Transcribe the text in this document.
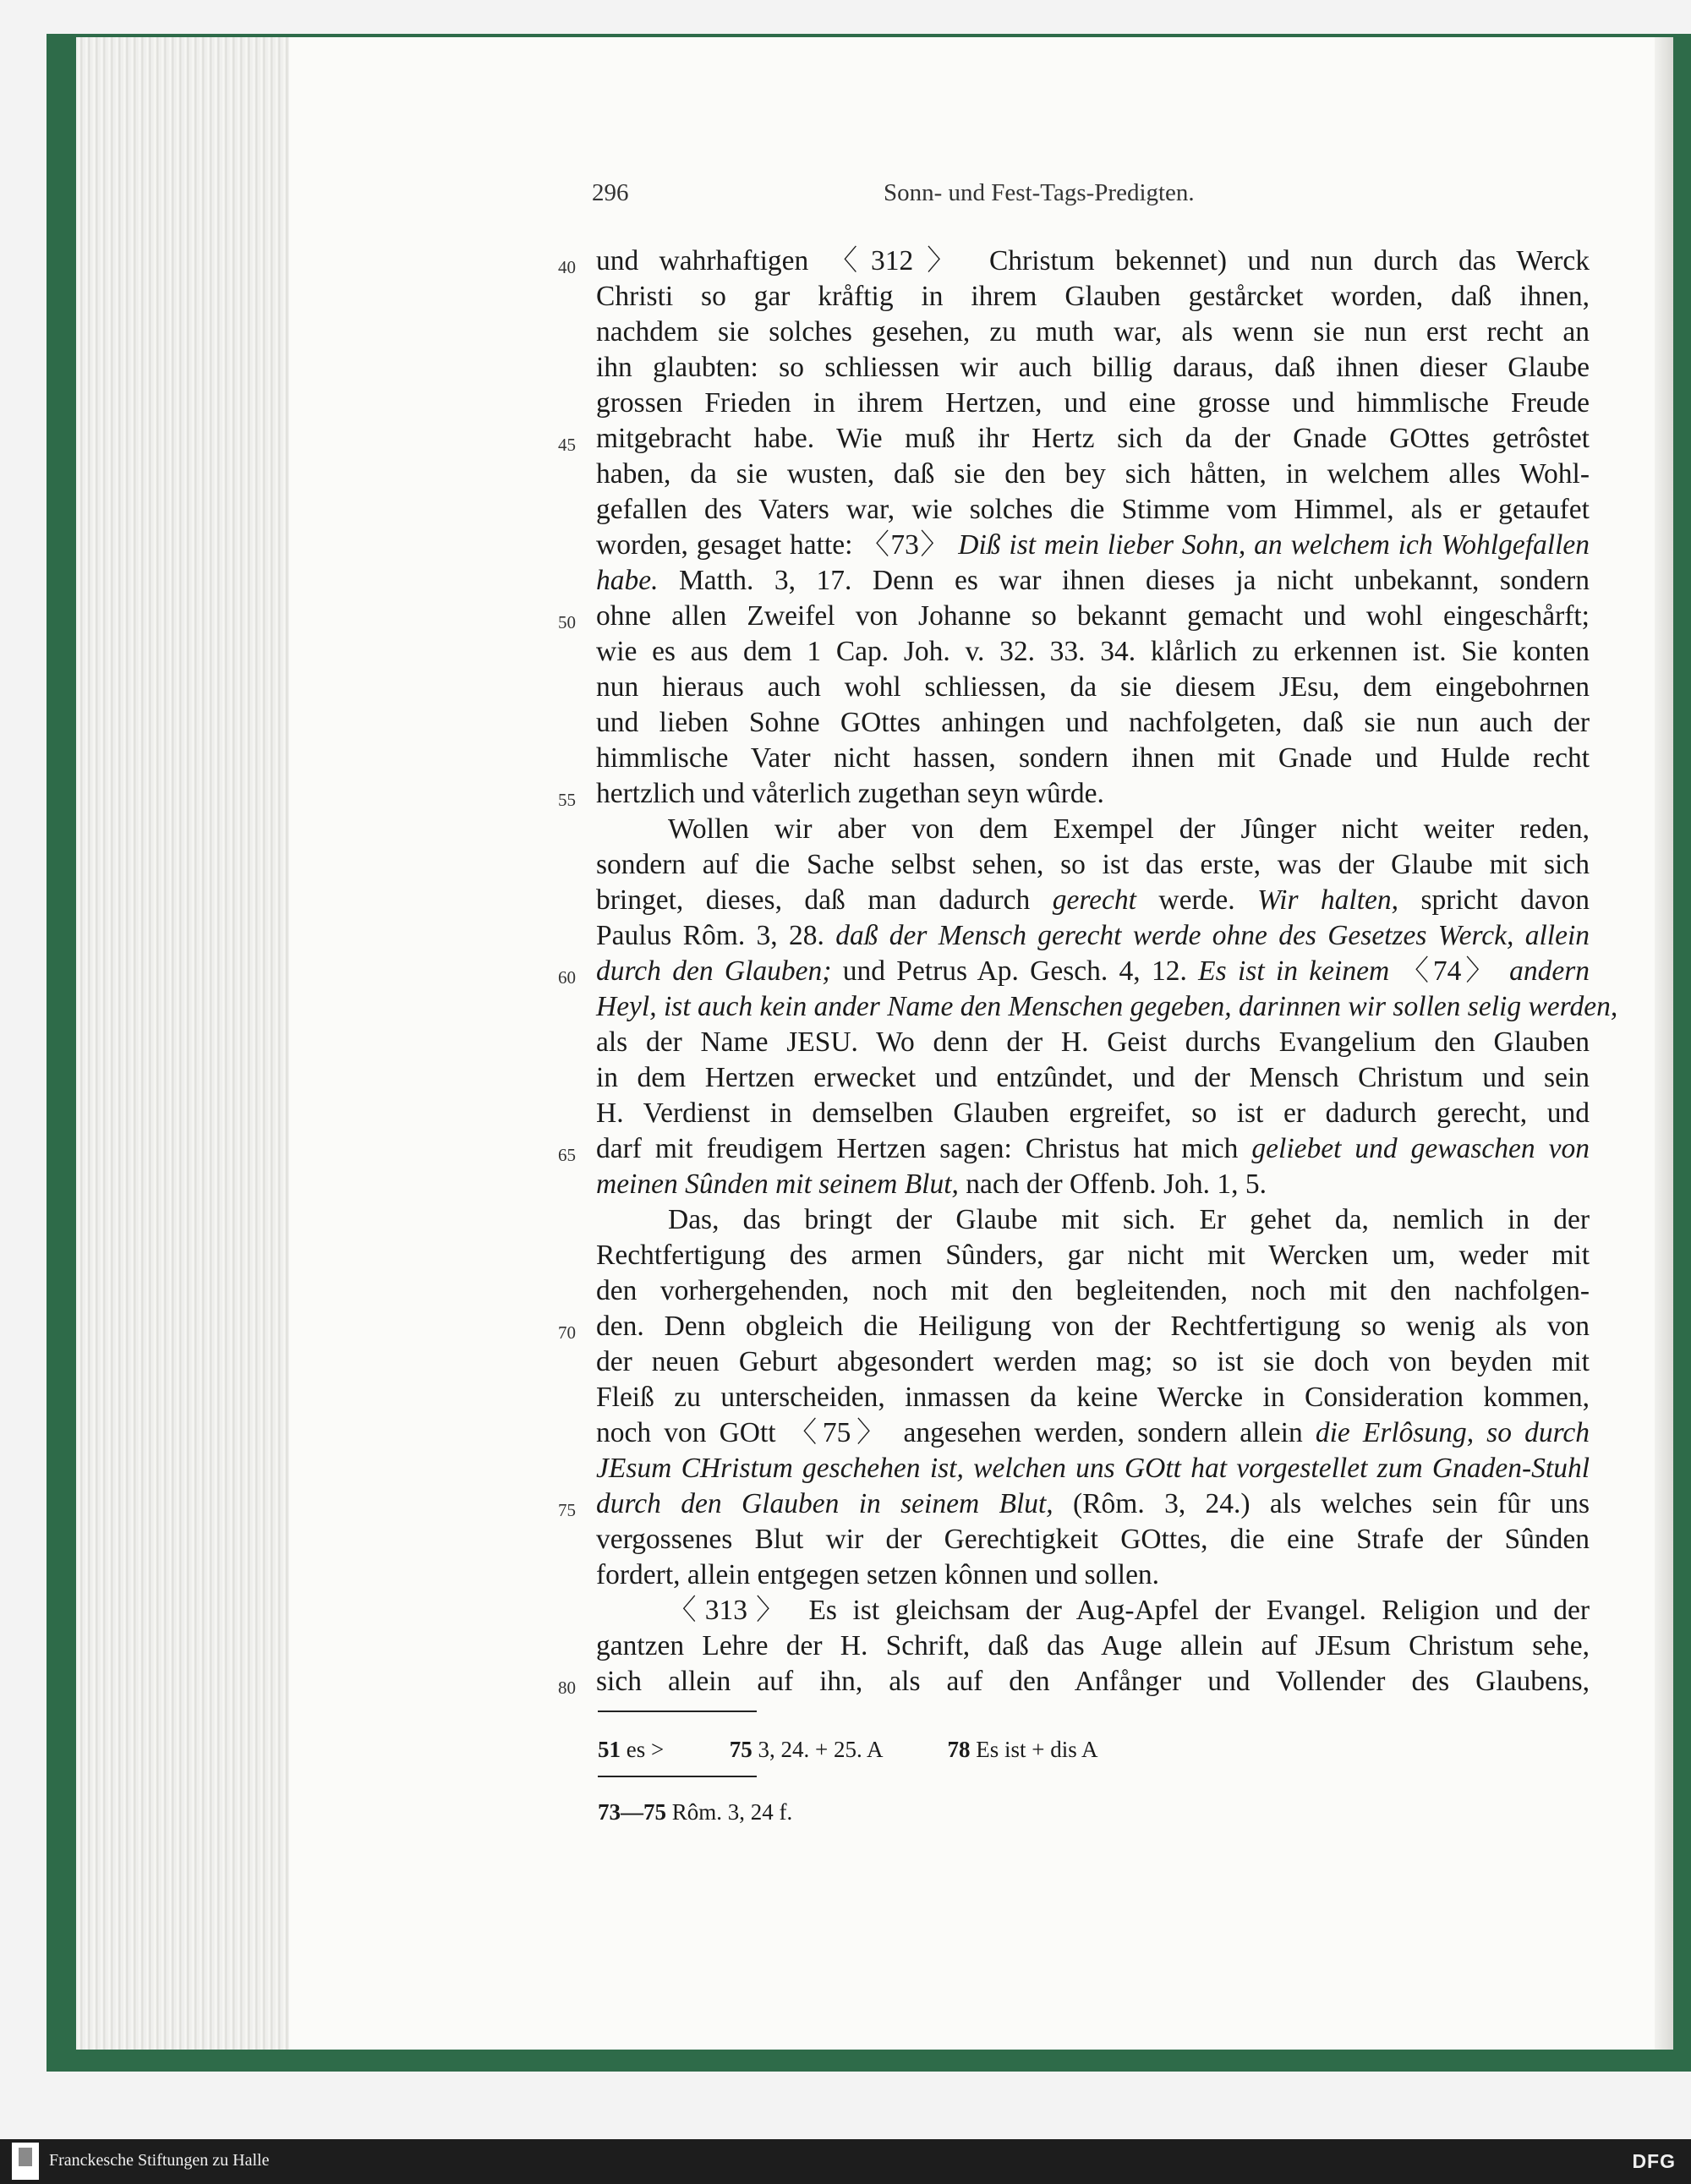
296	Sonn- und Fest-Tags-Predigten.
40
45
50
55
60
65
70
75
80
und wahrhaftigen 〈312〉 Christum bekennet) und nun durch das Werck
Christi so gar kråftig in ihrem Glauben gestårcket worden, daß ihnen,
nachdem sie solches gesehen, zu muth war, als wenn sie nun erst recht an
ihn glaubten: so schliessen wir auch billig daraus, daß ihnen dieser Glaube
grossen Frieden in ihrem Hertzen, und eine grosse und himmlische Freude
mitgebracht habe. Wie muß ihr Hertz sich da der Gnade GOttes getrôstet
haben, da sie wusten, daß sie den bey sich håtten, in welchem alles Wohl-
gefallen des Vaters war, wie solches die Stimme vom Himmel, als er getaufet
worden, gesaget hatte: 〈73〉 Diß ist mein lieber Sohn, an welchem ich Wohlgefallen
habe. Matth. 3, 17. Denn es war ihnen dieses ja nicht unbekannt, sondern
ohne allen Zweifel von Johanne so bekannt gemacht und wohl eingeschårft;
wie es aus dem 1 Cap. Joh. v. 32. 33. 34. klårlich zu erkennen ist. Sie konten
nun hieraus auch wohl schliessen, da sie diesem JEsu, dem eingebohrnen
und lieben Sohne GOttes anhingen und nachfolgeten, daß sie nun auch der
himmlische Vater nicht hassen, sondern ihnen mit Gnade und Hulde recht
hertzlich und våterlich zugethan seyn wûrde.
Wollen wir aber von dem Exempel der Jûnger nicht weiter reden,
sondern auf die Sache selbst sehen, so ist das erste, was der Glaube mit sich
bringet, dieses, daß man dadurch gerecht werde. Wir halten, spricht davon
Paulus Rôm. 3, 28. daß der Mensch gerecht werde ohne des Gesetzes Werck, allein
durch den Glauben; und Petrus Ap. Gesch. 4, 12. Es ist in keinem 〈74〉 andern
Heyl, ist auch kein ander Name den Menschen gegeben, darinnen wir sollen selig werden,
als der Name JESU. Wo denn der H. Geist durchs Evangelium den Glauben
in dem Hertzen erwecket und entzûndet, und der Mensch Christum und sein
H. Verdienst in demselben Glauben ergreifet, so ist er dadurch gerecht, und
darf mit freudigem Hertzen sagen: Christus hat mich geliebet und gewaschen von
meinen Sûnden mit seinem Blut, nach der Offenb. Joh. 1, 5.
Das, das bringt der Glaube mit sich. Er gehet da, nemlich in der
Rechtfertigung des armen Sûnders, gar nicht mit Wercken um, weder mit
den vorhergehenden, noch mit den begleitenden, noch mit den nachfolgen-
den. Denn obgleich die Heiligung von der Rechtfertigung so wenig als von
der neuen Geburt abgesondert werden mag; so ist sie doch von beyden mit
Fleiß zu unterscheiden, inmassen da keine Wercke in Consideration kommen,
noch von GOtt 〈75〉 angesehen werden, sondern allein die Erlôsung, so durch
JEsum CHristum geschehen ist, welchen uns GOtt hat vorgestellet zum Gnaden-Stuhl
durch den Glauben in seinem Blut, (Rôm. 3, 24.) als welches sein fûr uns
vergossenes Blut wir der Gerechtigkeit GOttes, die eine Strafe der Sûnden
fordert, allein entgegen setzen kônnen und sollen.
〈313〉 Es ist gleichsam der Aug-Apfel der Evangel. Religion und der
gantzen Lehre der H. Schrift, daß das Auge allein auf JEsum Christum sehe,
sich allein auf ihn, als auf den Anfånger und Vollender des Glaubens,
51 es >	75 3, 24. + 25. A	78 Es ist + dis A
73—75 Rôm. 3, 24 f.
Franckesche Stiftungen zu Halle	DFG
